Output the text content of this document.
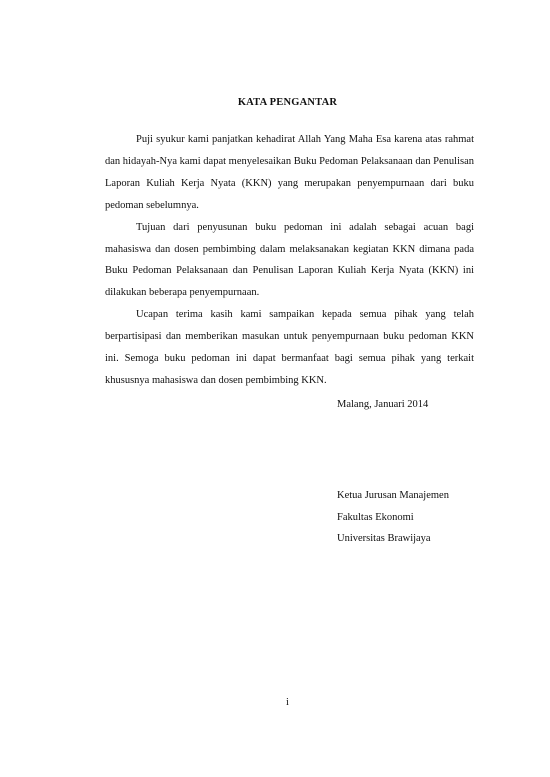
KATA PENGANTAR

Puji syukur kami panjatkan kehadirat Allah Yang Maha Esa karena atas rahmat dan hidayah-Nya kami dapat menyelesaikan Buku Pedoman Pelaksanaan dan Penulisan Laporan Kuliah Kerja Nyata (KKN) yang merupakan penyempurnaan dari buku pedoman sebelumnya.

Tujuan dari penyusunan buku pedoman ini adalah sebagai acuan bagi mahasiswa dan dosen pembimbing dalam melaksanakan kegiatan KKN dimana pada Buku Pedoman Pelaksanaan dan Penulisan Laporan Kuliah Kerja Nyata (KKN) ini dilakukan beberapa penyempurnaan.

Ucapan terima kasih kami sampaikan kepada semua pihak yang telah berpartisipasi dan memberikan masukan untuk penyempurnaan buku pedoman KKN ini. Semoga buku pedoman ini dapat bermanfaat bagi semua pihak yang terkait khususnya mahasiswa dan dosen pembimbing KKN.

Malang, Januari 2014
Ketua Jurusan Manajemen
Fakultas Ekonomi
Universitas Brawijaya
i
